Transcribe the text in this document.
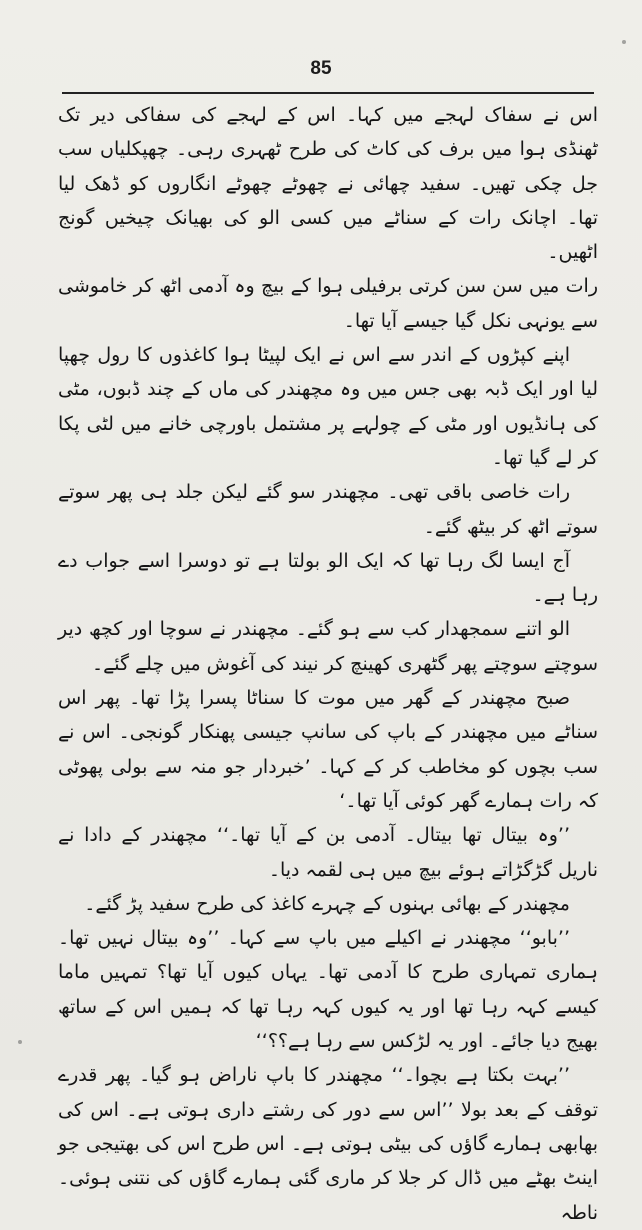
85

اس نے سفاک لہجے میں کہا۔ اس کے لہجے کی سفاکی دیر تک ٹھنڈی ہوا میں برف کی کاٹ کی طرح ٹھہری رہی۔ چھپکلیاں سب جل چکی تھیں۔ سفید چھائی نے چھوٹے چھوٹے انگاروں کو ڈھک لیا تھا۔ اچانک رات کے سناٹے میں کسی الو کی بھیانک چیخیں گونج اٹھیں۔

رات میں سن سن کرتی برفیلی ہوا کے بیچ وہ آدمی اٹھ کر خاموشی سے یونہی نکل گیا جیسے آیا تھا۔

اپنے کپڑوں کے اندر سے اس نے ایک لپیٹا ہوا کاغذوں کا رول چھپا لیا اور ایک ڈبہ بھی جس میں وہ مچھندر کی ماں کے چند ڈبوں، مٹی کی ہانڈیوں اور مٹی کے چولہے پر مشتمل باورچی خانے میں لٹی پکا کر لے گیا تھا۔

رات خاصی باقی تھی۔ مچھندر سو گئے لیکن جلد ہی پھر سوتے سوتے اٹھ کر بیٹھ گئے۔

آج ایسا لگ رہا تھا کہ ایک الو بولتا ہے تو دوسرا اسے جواب دے رہا ہے۔

الو اتنے سمجھدار کب سے ہو گئے۔ مچھندر نے سوچا اور کچھ دیر سوچتے سوچتے پھر گٹھری کھینچ کر نیند کی آغوش میں چلے گئے۔

صبح مچھندر کے گھر میں موت کا سناٹا پسرا پڑا تھا۔ پھر اس سناٹے میں مچھندر کے باپ کی سانپ جیسی پھنکار گونجی۔ اس نے سب بچوں کو مخاطب کر کے کہا۔ ’خبردار جو منہ سے بولی پھوٹی کہ رات ہمارے گھر کوئی آیا تھا۔‘

’’وہ بیتال تھا بیتال۔ آدمی بن کے آیا تھا۔‘‘ مچھندر کے دادا نے ناریل گڑگڑاتے ہوئے بیچ میں ہی لقمہ دیا۔

مچھندر کے بھائی بہنوں کے چہرے کاغذ کی طرح سفید پڑ گئے۔

’’بابو‘‘ مچھندر نے اکیلے میں باپ سے کہا۔ ’’وہ بیتال نہیں تھا۔ ہماری تمہاری طرح کا آدمی تھا۔ یہاں کیوں آیا تھا؟ تمہیں ماما کیسے کہہ رہا تھا اور یہ کیوں کہہ رہا تھا کہ ہمیں اس کے ساتھ بھیج دیا جائے۔ اور یہ لڑکس سے رہا ہے؟؟‘‘

’’بہت بکتا ہے بچوا۔‘‘ مچھندر کا باپ ناراض ہو گیا۔ پھر قدرے توقف کے بعد بولا ’’اس سے دور کی رشتے داری ہوتی ہے۔ اس کی بھابھی ہمارے گاؤں کی بیٹی ہوتی ہے۔ اس طرح اس کی بھتیجی جو اینٹ بھٹے میں ڈال کر جلا کر ماری گئی ہمارے گاؤں کی نتنی ہوئی۔ ناطہ
